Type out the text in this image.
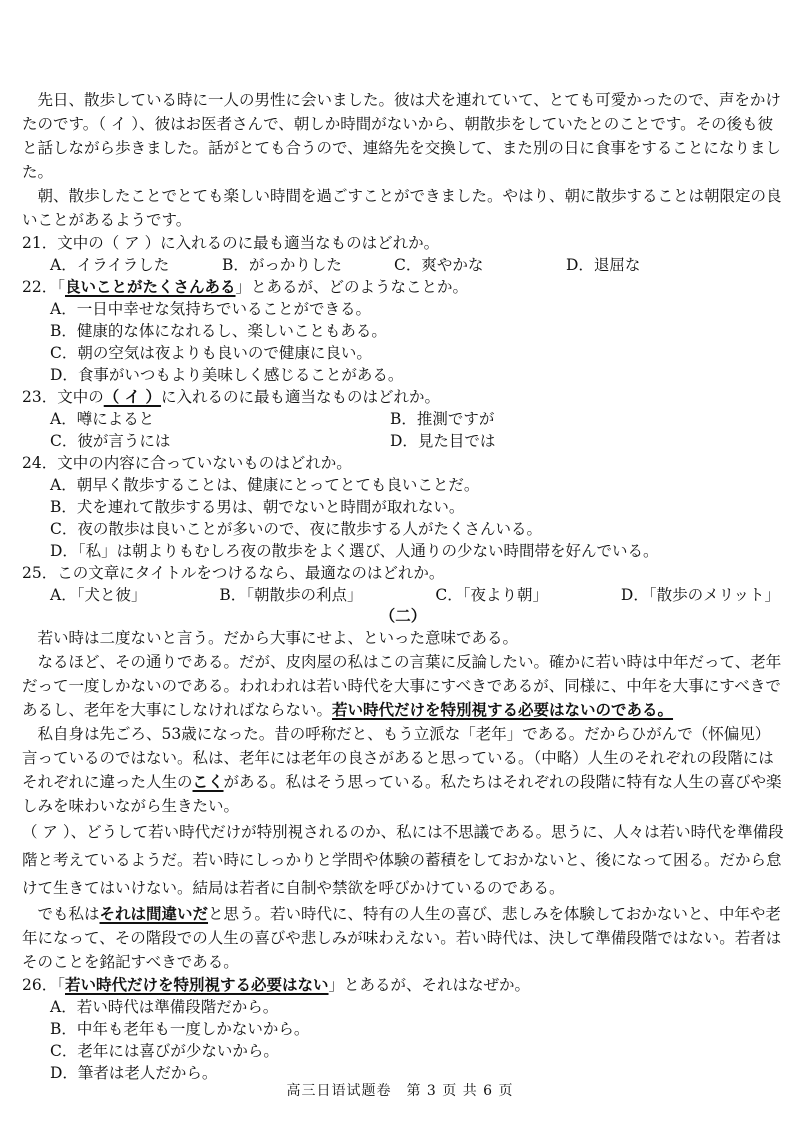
先日、散歩している時に一人の男性に会いました。彼は犬を連れていて、とても可愛かったので、声をかけたのです。（ イ ）、彼はお医者さんで、朝しか時間がないから、朝散歩をしていたとのことです。その後も彼と話しながら歩きました。話がとても合うので、連絡先を交換して、また別の日に食事をすることになりました。

朝、散歩したことでとても楽しい時間を過ごすことができました。やはり、朝に散歩することは朝限定の良いことがあるようです。

21．文中の（ ア ）に入れるのに最も適当なものはどれか。

A．イライラした	B．がっかりした	C．爽やかな	D．退屈な

22．「良いことがたくさんある」とあるが、どのようなことか。

A．一日中幸せな気持ちでいることができる。

B．健康的な体になれるし、楽しいこともある。

C．朝の空気は夜よりも良いので健康に良い。

D．食事がいつもより美味しく感じることがある。

23．文中の（ イ ）に入れるのに最も適当なものはどれか。

A．噂によると	B．推測ですが
C．彼が言うには	D．見た目では

24．文中の内容に合っていないものはどれか。

A．朝早く散歩することは、健康にとってとても良いことだ。

B．犬を連れて散歩する男は、朝でないと時間が取れない。

C．夜の散歩は良いことが多いので、夜に散歩する人がたくさんいる。

D．「私」は朝よりもむしろ夜の散歩をよく選び、人通りの少ない時間帯を好んでいる。

25．この文章にタイトルをつけるなら、最適なのはどれか。

A．「犬と彼」	B．「朝散歩の利点」	C．「夜より朝」	D．「散歩のメリット」

（二）

若い時は二度ないと言う。だから大事にせよ、といった意味である。

なるほど、その通りである。だが、皮肉屋の私はこの言葉に反論したい。確かに若い時は中年だって、老年だって一度しかないのである。われわれは若い時代を大事にすべきであるが、同様に、中年を大事にすべきであるし、老年を大事にしなければならない。若い時代だけを特別視する必要はないのである。

私自身は先ごろ、53歳になった。昔の呼称だと、もう立派な「老年」である。だからひがんで（怀偏见）言っているのではない。私は、老年には老年の良さがあると思っている。（中略）人生のそれぞれの段階にはそれぞれに違った人生のこくがある。私はそう思っている。私たちはそれぞれの段階に特有な人生の喜びや楽しみを味わいながら生きたい。

（ ア ）、どうして若い時代だけが特別視されるのか、私には不思議である。思うに、人々は若い時代を準備段階と考えているようだ。若い時にしっかりと学問や体験の蓄積をしておかないと、後になって困る。だから怠けて生きてはいけない。結局は若者に自制や禁欲を呼びかけているのである。

でも私はそれは間違いだと思う。若い時代に、特有の人生の喜び、悲しみを体験しておかないと、中年や老年になって、その階段での人生の喜びや悲しみが味わえない。若い時代は、決して準備段階ではない。若者はそのことを銘記すべきである。

26．「若い時代だけを特別視する必要はない」とあるが、それはなぜか。

A．若い時代は準備段階だから。

B．中年も老年も一度しかないから。

C．老年には喜びが少ないから。

D．筆者は老人だから。

高三日语试题卷　第 3 页 共 6 页
